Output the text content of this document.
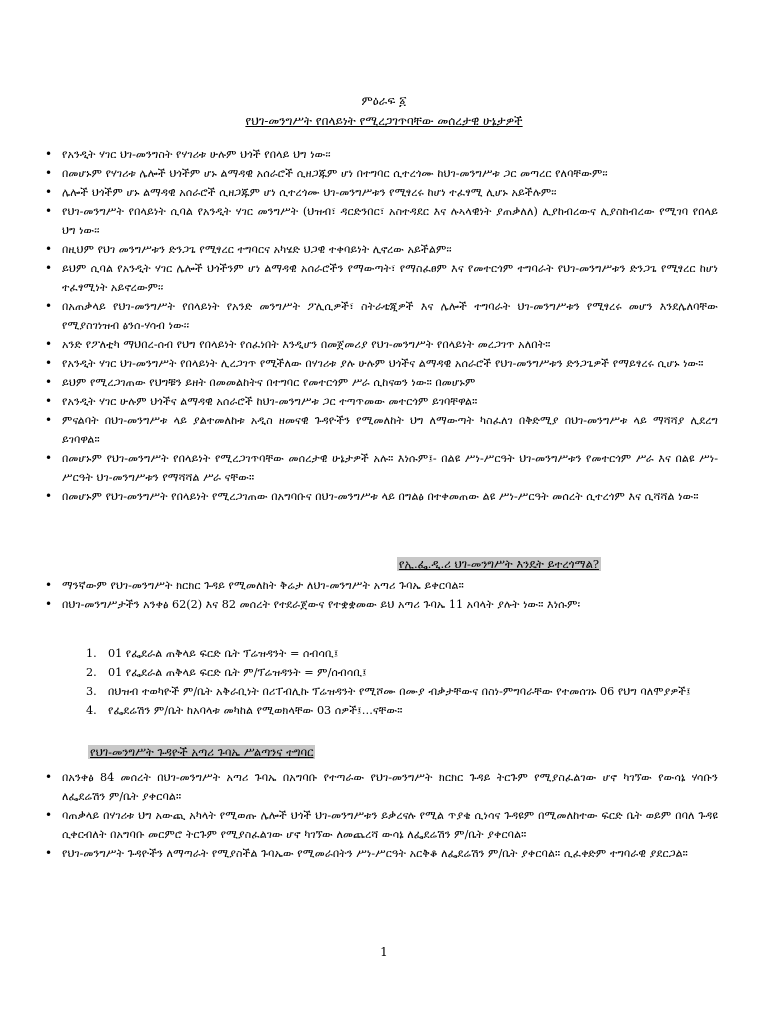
ምዕራፍ ፩
የህገ-መንግሥት የበላይነት የሚረጋገጥባቸው መሰረታዊ ሁኔታዎች
• የአንዲት ሃገር ህገ-መንግስት የሃገሪቱ ሁሉም ህጎች የበላይ ህግ ነው፡፡
• በመሆኑም የሃገሪቱ ሌሎች ህጎችም ሆኑ ልማዳዊ አሰራሮች ሲዘጋጁም ሆነ በተግባር ሲተረጎሙ ከህገ-መንግሥቱ ጋር መጣረር የለባቸውም፡፡
• ሌሎች ህጎችም ሆኑ ልማዳዊ አሰራሮች ሲዘጋጁም ሆነ ሲተረጎሙ ህገ-መንግሥቱን የሚፃረሩ ከሆነ ተፈፃሚ ሊሆኑ አይችሉም፡፡
• የህገ-መንግሥት የበላይነት ሲባል የአንዲት ሃገር መንግሥት (ህዝብ፣ ዳርድንበር፣ አስተዳደር እና ሉኣላዊነት ያጠቃለለ) ሊያከብረውና ሊያስከብረው የሚገባ የበላይ ህግ ነው፡፡
• በዚህም የህገ መንግሥቱን ድንጋጌ የሚፃረር ተግባርና አካሄድ ህጋዊ ተቀባይነት ሊኖረው አይችልም፡፡
• ይህም ሲባል የአንዲት ሃገር ሌሎች ህጎችንም ሆነ ልማዳዊ አሰራሮችን የማውጣት፣ የማስፈፀም እና የመተርጎም ተግባራት የህገ-መንግሥቱን ድንጋጌ የሚፃረር ከሆነ ተፈፃሚነት አይኖረውም፡፡
• በአጠቃላይ የህገ-መንግሥት የበላይነት የአንድ መንግሥት ፖሊሲዎች፣ ስትራቴጂዎች እና ሌሎች ተግባራት ህገ-መንግሥቱን የሚፃረሩ መሆን እንደሌለባቸው የሚያስገነዝብ ፅንሰ-ሃሳብ ነው፡፡
• አንድ የፖለቲካ ማህበረ-ሰብ የህግ የበላይነት የሰፈነበት እንዲሆን በመጀመሪያ የህገ-መንግሥት የበላይነት መረጋገጥ አለበት።
• የአንዲት ሃገር ህገ-መንግሥት የበላይነት ሊረጋገጥ የሚችለው በሃገሪቱ ያሉ ሁሉም ህጎችና ልማዳዊ አሰራሮች የህገ-መንግሥቱን ድንጋጌዎች የማይፃረሩ ሲሆኑ ነው።
• ይህም የሚረጋገጠው የህግቹን ይዘት በመመልከትና በተግባር የመተርጎም ሥራ ሲከናወን ነው። በመሆኑም
• የአንዲት ሃገር ሁሉም ህጎችና ልማዳዊ አሰራሮች ከህገ-መንግሥቱ ጋር ተጣጥመው መተርጎም ይገባቸዋል።
• ምናልባት በህገ-መንግሥቱ ላይ ያልተመለከቱ አዲስ ዘመናዊ ጉዳዮችን የሚመለከት ህግ ለማውጣት ካስፈለገ በቅድሚያ በህገ-መንግሥቱ ላይ ማሻሻያ ሊደረግ ይገባዋል።
• በመሆኑም የህገ-መንግሥት የበላይነት የሚረጋገጥባቸው መሰረታዊ ሁኔታዎች አሉ። እነሱም፤- በልዩ ሥነ-ሥርዓት ህገ-መንግሥቱን የመተርጎም ሥራ እና በልዩ ሥነ-ሥርዓት ህገ-መንግሥቱን የማሻሻል ሥራ ናቸው።
• በመሆኑም የህገ-መንግሥት የበላይነት የሚረጋገጠው በአግባቡና በህገ-መንግሥቱ ላይ በግልፅ በተቀመጠው ልዩ ሥነ-ሥርዓት መሰረት ሲተረጎም እና ሲሻሻል ነው።
የኢ.ፌ.ዲ.ሪ ህገ-መንግሥት እንዴት ይተረጎማል?
• ማንኛውም የህገ-መንግሥት ክርክር ጉዳይ የሚመለከት ቅሬታ ለህገ-መንግሥት አጣሪ ጉባኤ ይቀርባል።
• በህገ-መንግሥታችን አንቀፅ 62(2) እና 82 መሰረት የተደራጀውና የተቋቋመው ይህ አጣሪ ጉባኤ 11 አባላት ያሉት ነው። እነሱም፡
1. 01 የፌደራል ጠቅላይ ፍርድ ቤት ፕሬዝዳንት = ሰብሳቢ፤
2. 01 የፌደራል ጠቅላይ ፍርድ ቤት ም/ፕሬዝዳንት = ም/ሰብሳቢ፤
3. በህዝብ ተወካዮች ም/ቤት አቅራቢነት በሪፐብሊኩ ፕሬዝዳንት የሚሾሙ በሙያ ብቃታቸውና በስነ-ምግባራቸው የተመሰገኑ 06 የህግ ባለሞያዎች፤
4. የፌደሬሽን ም/ቤት ከአባላቱ መካከል የሚወክላቸው 03 ሰዎች፤…ናቸው።
የህገ-መንግሥት ጉዳዮች አጣሪ ጉባኤ ሥልጣንና ተግባር
• በአንቀፅ 84 መሰረት በህገ-መንግሥት አጣሪ ጉባኤ በአግባቡ የተጣራው የህገ-መንግሥት ክርክር ጉዳይ ትርጉም የሚያስፈልገው ሆኖ ካገኘው የውሳኔ ሃሳቡን ለፌደሬሽን ም/ቤት ያቀርባል።
• ባጠቃላይ በሃገሪቱ ህግ አውጪ አካላት የሚወጡ ሌሎች ህጎች ህገ-መንግሥቱን ይቃረናሉ የሚል ጥያቄ ሲነሳና ጉዳዩም በሚመለከተው ፍርድ ቤት ወይም በባለ ጉዳዩ ሲቀርብለት በአግባቡ መርምሮ ትርጉም የሚያስፈልገው ሆኖ ካገኘው ለመጨረሻ ውሳኔ ለፌደሬሽን ም/ቤት ያቀርባል።
• የህገ-መንግሥት ጉዳዮችን ለማጣራት የሚያስችል ጉባኤው የሚመራበትን ሥነ-ሥርዓት አርቅቆ ለፌደሬሽን ም/ቤት ያቀርባል። ሲፈቀድም ተግባራዊ ያደርጋል።
1
